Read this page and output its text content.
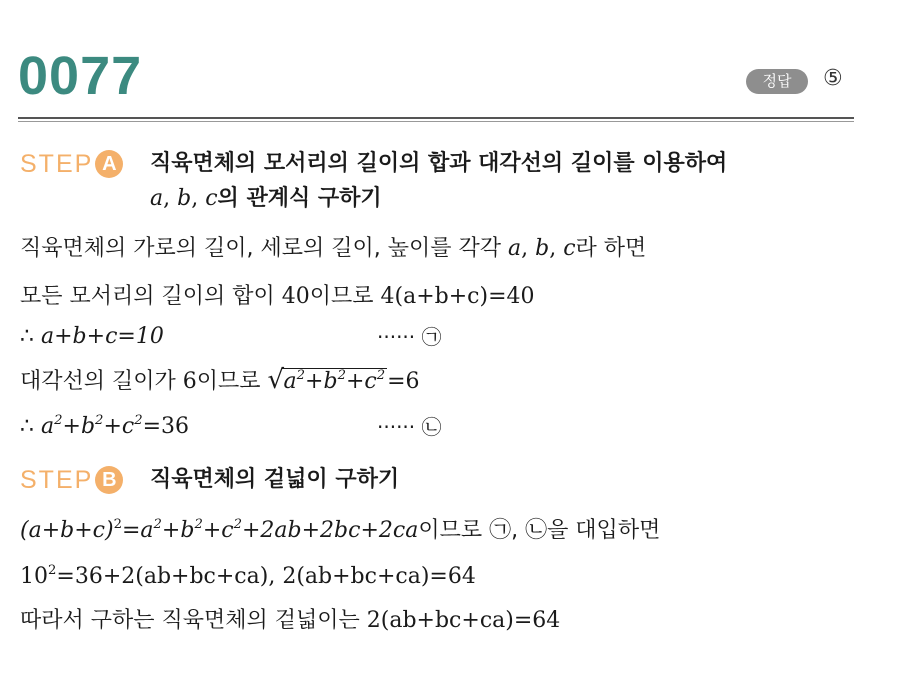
0077	정답	⑤
STEP A	직육면체의 모서리의 길이의 합과 대각선의 길이를 이용하여
a, b, c의 관계식 구하기
직육면체의 가로의 길이, 세로의 길이, 높이를 각각 a, b, c라 하면
모든 모서리의 길이의 합이 40이므로 4(a+b+c)=40
∴ a+b+c=10	······ ㉠
대각선의 길이가 6이므로 √ $a^2+b^2+c^2=6$
∴ $a^2+b^2+c^2=36$	······ ㉡
STEP B	직육면체의 겉넓이 구하기
$(a+b+c)^2=a^2+b^2+c^2+2ab+2bc+2ca$이므로 ㉠, ㉡을 대입하면
$10^2=36+2(ab+bc+ca)$, 2(ab+bc+ca)=64
따라서 구하는 직육면체의 겉넓이는 2(ab+bc+ca)=64
